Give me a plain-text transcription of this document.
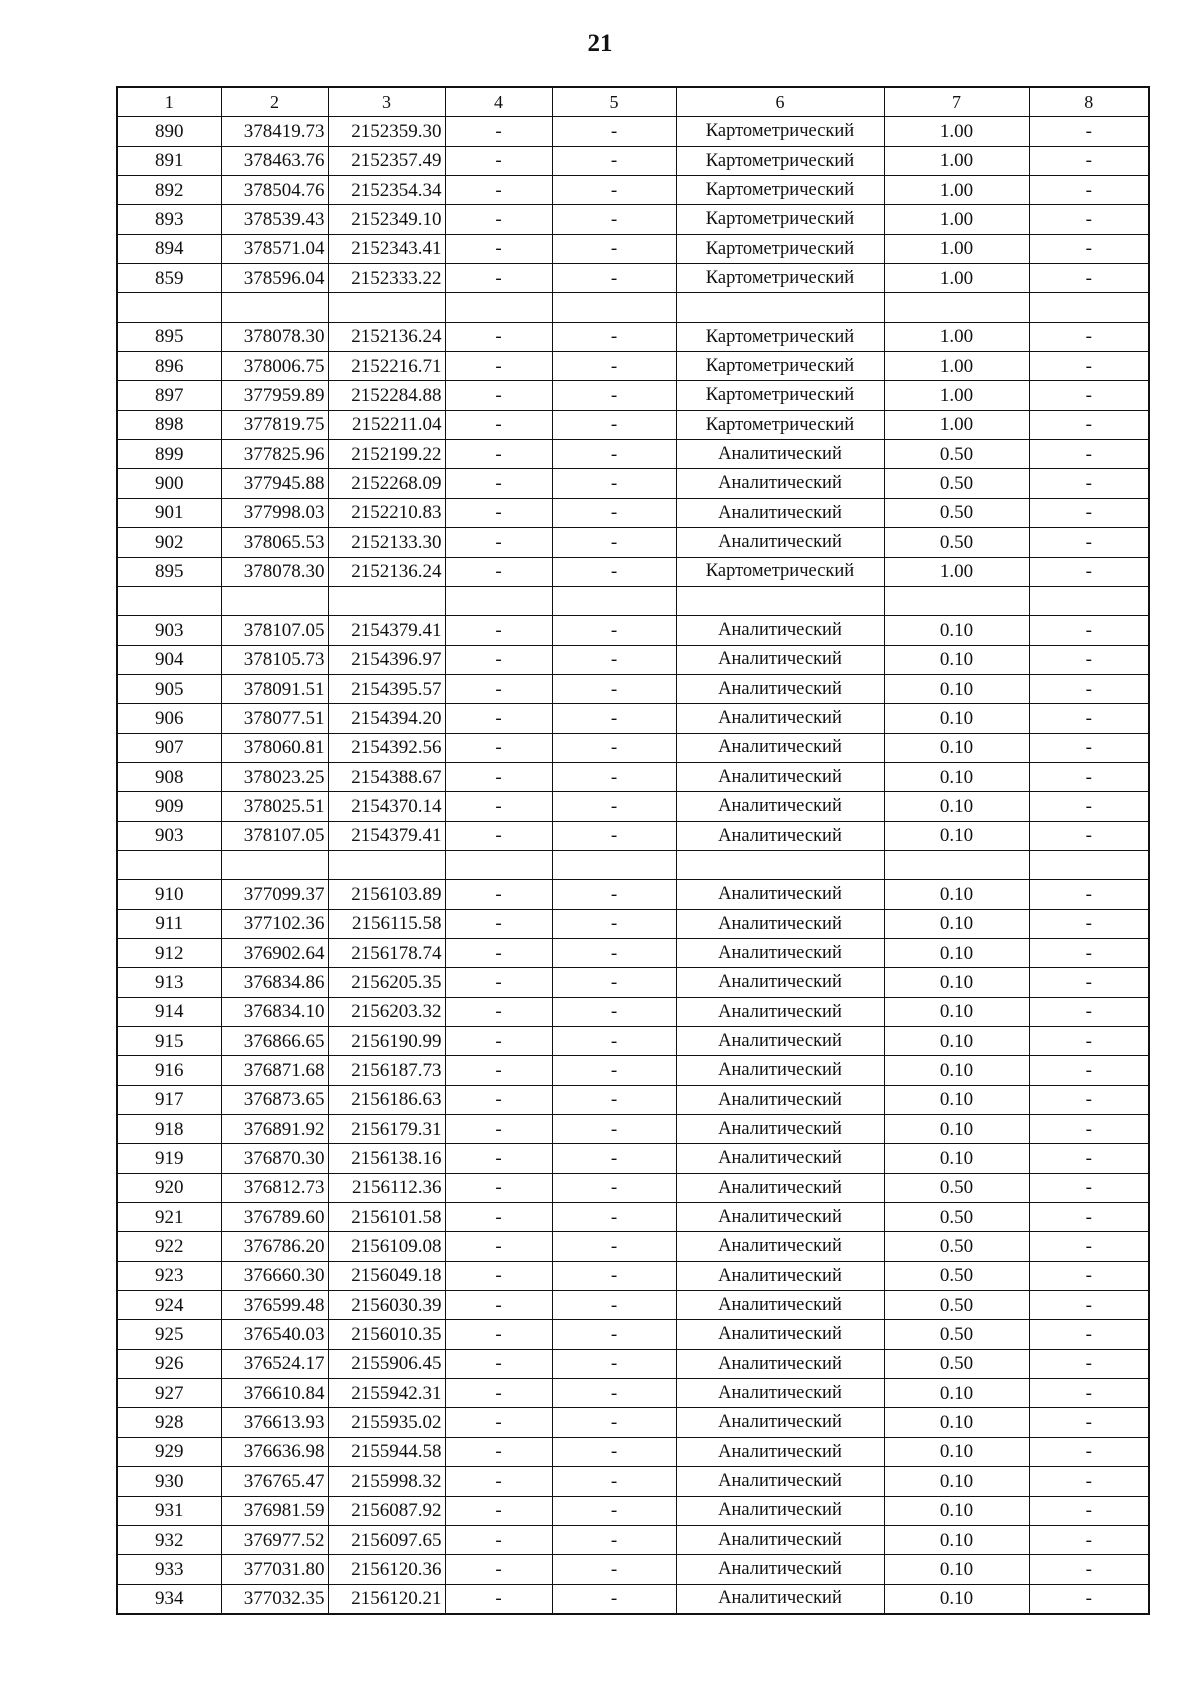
21
1	2	3	4	5	6	7	8
890	378419.73	2152359.30	-	-	Картометрический	1.00	-
891	378463.76	2152357.49	-	-	Картометрический	1.00	-
892	378504.76	2152354.34	-	-	Картометрический	1.00	-
893	378539.43	2152349.10	-	-	Картометрический	1.00	-
894	378571.04	2152343.41	-	-	Картометрический	1.00	-
859	378596.04	2152333.22	-	-	Картометрический	1.00	-

895	378078.30	2152136.24	-	-	Картометрический	1.00	-
896	378006.75	2152216.71	-	-	Картометрический	1.00	-
897	377959.89	2152284.88	-	-	Картометрический	1.00	-
898	377819.75	2152211.04	-	-	Картометрический	1.00	-
899	377825.96	2152199.22	-	-	Аналитический	0.50	-
900	377945.88	2152268.09	-	-	Аналитический	0.50	-
901	377998.03	2152210.83	-	-	Аналитический	0.50	-
902	378065.53	2152133.30	-	-	Аналитический	0.50	-
895	378078.30	2152136.24	-	-	Картометрический	1.00	-

903	378107.05	2154379.41	-	-	Аналитический	0.10	-
904	378105.73	2154396.97	-	-	Аналитический	0.10	-
905	378091.51	2154395.57	-	-	Аналитический	0.10	-
906	378077.51	2154394.20	-	-	Аналитический	0.10	-
907	378060.81	2154392.56	-	-	Аналитический	0.10	-
908	378023.25	2154388.67	-	-	Аналитический	0.10	-
909	378025.51	2154370.14	-	-	Аналитический	0.10	-
903	378107.05	2154379.41	-	-	Аналитический	0.10	-

910	377099.37	2156103.89	-	-	Аналитический	0.10	-
911	377102.36	2156115.58	-	-	Аналитический	0.10	-
912	376902.64	2156178.74	-	-	Аналитический	0.10	-
913	376834.86	2156205.35	-	-	Аналитический	0.10	-
914	376834.10	2156203.32	-	-	Аналитический	0.10	-
915	376866.65	2156190.99	-	-	Аналитический	0.10	-
916	376871.68	2156187.73	-	-	Аналитический	0.10	-
917	376873.65	2156186.63	-	-	Аналитический	0.10	-
918	376891.92	2156179.31	-	-	Аналитический	0.10	-
919	376870.30	2156138.16	-	-	Аналитический	0.10	-
920	376812.73	2156112.36	-	-	Аналитический	0.50	-
921	376789.60	2156101.58	-	-	Аналитический	0.50	-
922	376786.20	2156109.08	-	-	Аналитический	0.50	-
923	376660.30	2156049.18	-	-	Аналитический	0.50	-
924	376599.48	2156030.39	-	-	Аналитический	0.50	-
925	376540.03	2156010.35	-	-	Аналитический	0.50	-
926	376524.17	2155906.45	-	-	Аналитический	0.50	-
927	376610.84	2155942.31	-	-	Аналитический	0.10	-
928	376613.93	2155935.02	-	-	Аналитический	0.10	-
929	376636.98	2155944.58	-	-	Аналитический	0.10	-
930	376765.47	2155998.32	-	-	Аналитический	0.10	-
931	376981.59	2156087.92	-	-	Аналитический	0.10	-
932	376977.52	2156097.65	-	-	Аналитический	0.10	-
933	377031.80	2156120.36	-	-	Аналитический	0.10	-
934	377032.35	2156120.21	-	-	Аналитический	0.10	-
